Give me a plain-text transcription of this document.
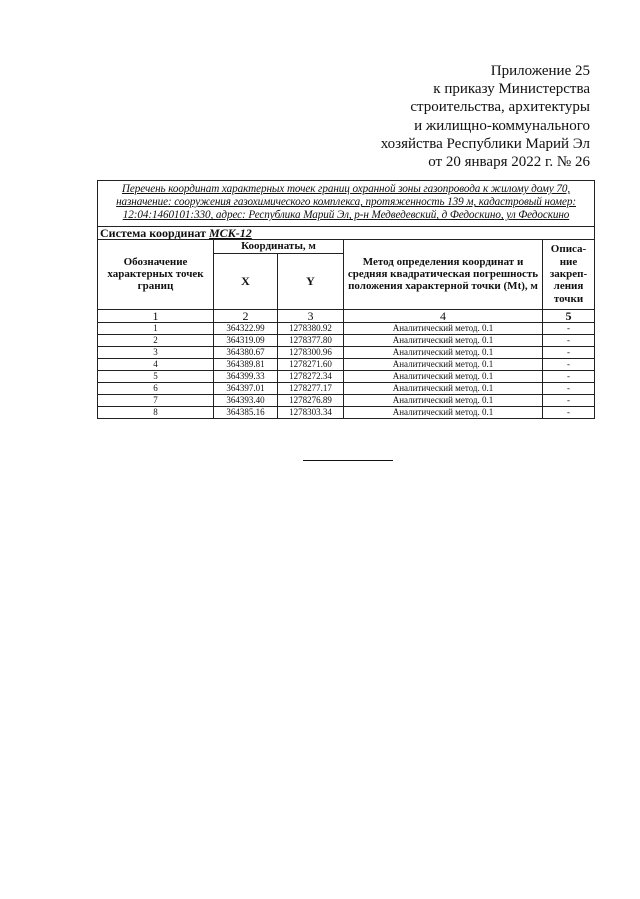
Приложение 25
к приказу Министерства
строительства, архитектуры
и жилищно-коммунального
хозяйства Республики Марий Эл
от 20 января 2022 г. № 26
Перечень координат характерных точек границ охранной зоны газопровода к жилому дому 70, назначение: сооружения газохимического комплекса, протяженность 139 м, кадастровый номер: 12:04:1460101:330, адрес: Республика Марий Эл, р-н Медведевский, д Федоскино, ул Федоскино				
Система координат МСК-12				
Обозначение характерных точек границ	Координаты, м		Метод определения координат и средняя квадратическая погрешность положения характерной точки (Mt), м	Описа-ние закреп-ления точки
	X	Y		
1	2	3	4	5
1	364322.99	1278380.92	Аналитический метод. 0.1	-
2	364319.09	1278377.80	Аналитический метод. 0.1	-
3	364380.67	1278300.96	Аналитический метод. 0.1	-
4	364389.81	1278271.60	Аналитический метод. 0.1	-
5	364399.33	1278272.34	Аналитический метод. 0.1	-
6	364397.01	1278277.17	Аналитический метод. 0.1	-
7	364393.40	1278276.89	Аналитический метод. 0.1	-
8	364385.16	1278303.34	Аналитический метод. 0.1	-
